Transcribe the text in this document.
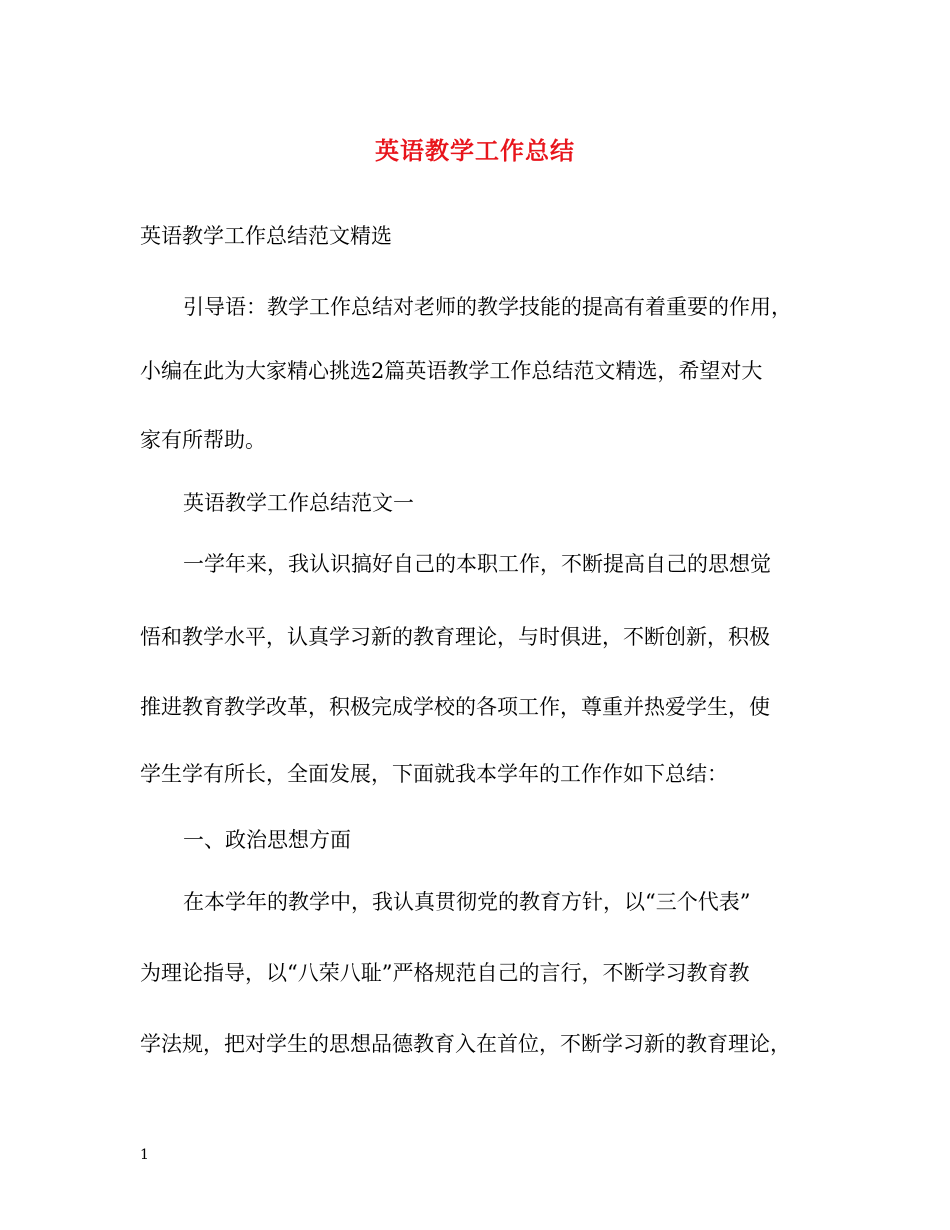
英语教学工作总结
英语教学工作总结范文精选
引导语：教学工作总结对老师的教学技能的提高有着重要的作用，
小编在此为大家精心挑选2篇英语教学工作总结范文精选，希望对大
家有所帮助。
英语教学工作总结范文一
一学年来，我认识搞好自己的本职工作，不断提高自己的思想觉
悟和教学水平，认真学习新的教育理论，与时俱进，不断创新，积极
推进教育教学改革，积极完成学校的各项工作，尊重并热爱学生，使
学生学有所长，全面发展，下面就我本学年的工作作如下总结：
一、政治思想方面
在本学年的教学中，我认真贯彻党的教育方针，以“三个代表”
为理论指导，以“八荣八耻”严格规范自己的言行，不断学习教育教
学法规，把对学生的思想品德教育入在首位，不断学习新的教育理论，
1
